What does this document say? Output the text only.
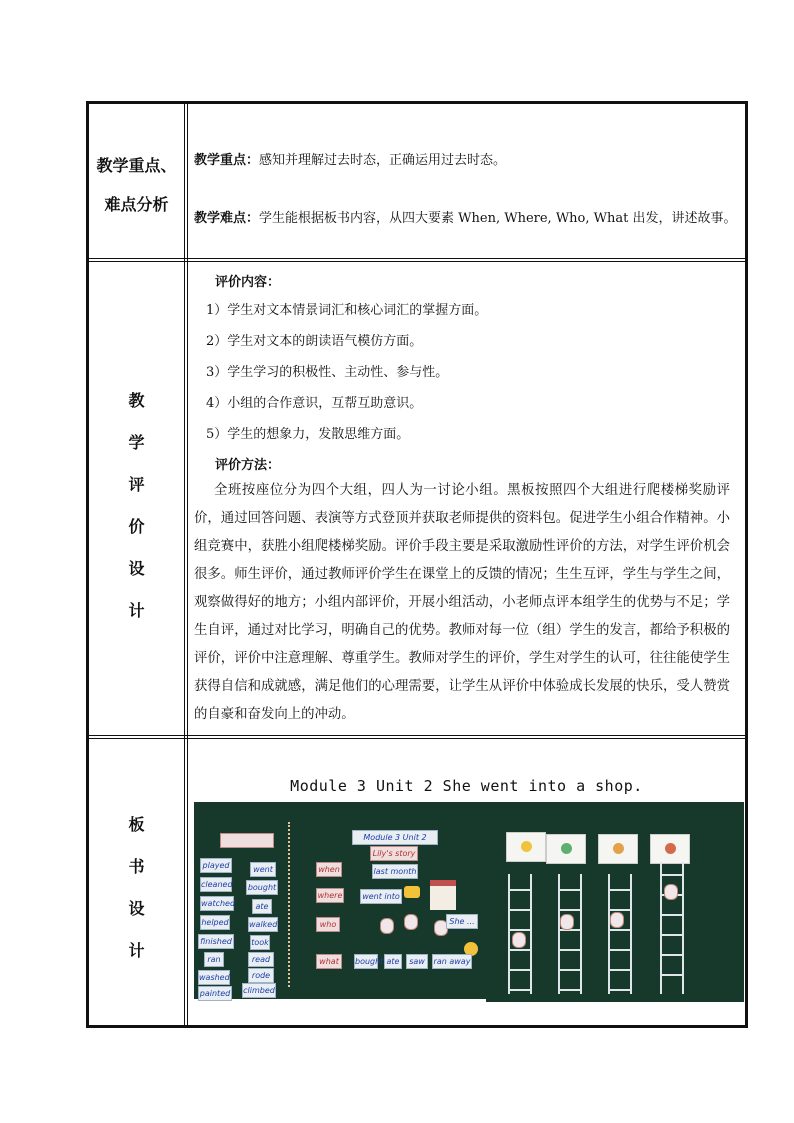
教学重点、
难点分析
教学重点：感知并理解过去时态，正确运用过去时态。
教学难点：学生能根据板书内容，从四大要素 When, Where, Who, What 出发，讲述故事。
教
学
评
价
设
计
评价内容：
1）学生对文本情景词汇和核心词汇的掌握方面。
2）学生对文本的朗读语气模仿方面。
3）学生学习的积极性、主动性、参与性。
4）小组的合作意识，互帮互助意识。
5）学生的想象力，发散思维方面。
评价方法：
全班按座位分为四个大组，四人为一讨论小组。黑板按照四个大组进行爬楼梯奖励评价，通过回答问题、表演等方式登顶并获取老师提供的资料包。促进学生小组合作精神。小组竞赛中，获胜小组爬楼梯奖励。评价手段主要是采取激励性评价的方法，对学生评价机会很多。师生评价，通过教师评价学生在课堂上的反馈的情况；生生互评，学生与学生之间，观察做得好的地方；小组内部评价，开展小组活动，小老师点评本组学生的优势与不足；学生自评，通过对比学习，明确自己的优势。教师对每一位（组）学生的发言，都给予积极的评价，评价中注意理解、尊重学生。教师对学生的评价，学生对学生的认可，往往能使学生获得自信和成就感，满足他们的心理需要，让学生从评价中体验成长发展的快乐，受人赞赏的自豪和奋发向上的冲动。
板
书
设
计
Module 3 Unit 2 She went into a shop.
played
cleaned
watched
helped
finished
ran
washed
painted
went
bought
ate
walked
took
read
rode
climbed
Module 3 Unit 2
Lily's story
when
where
who
what
last month
went into
She ...
bought ate	saw	ran away
